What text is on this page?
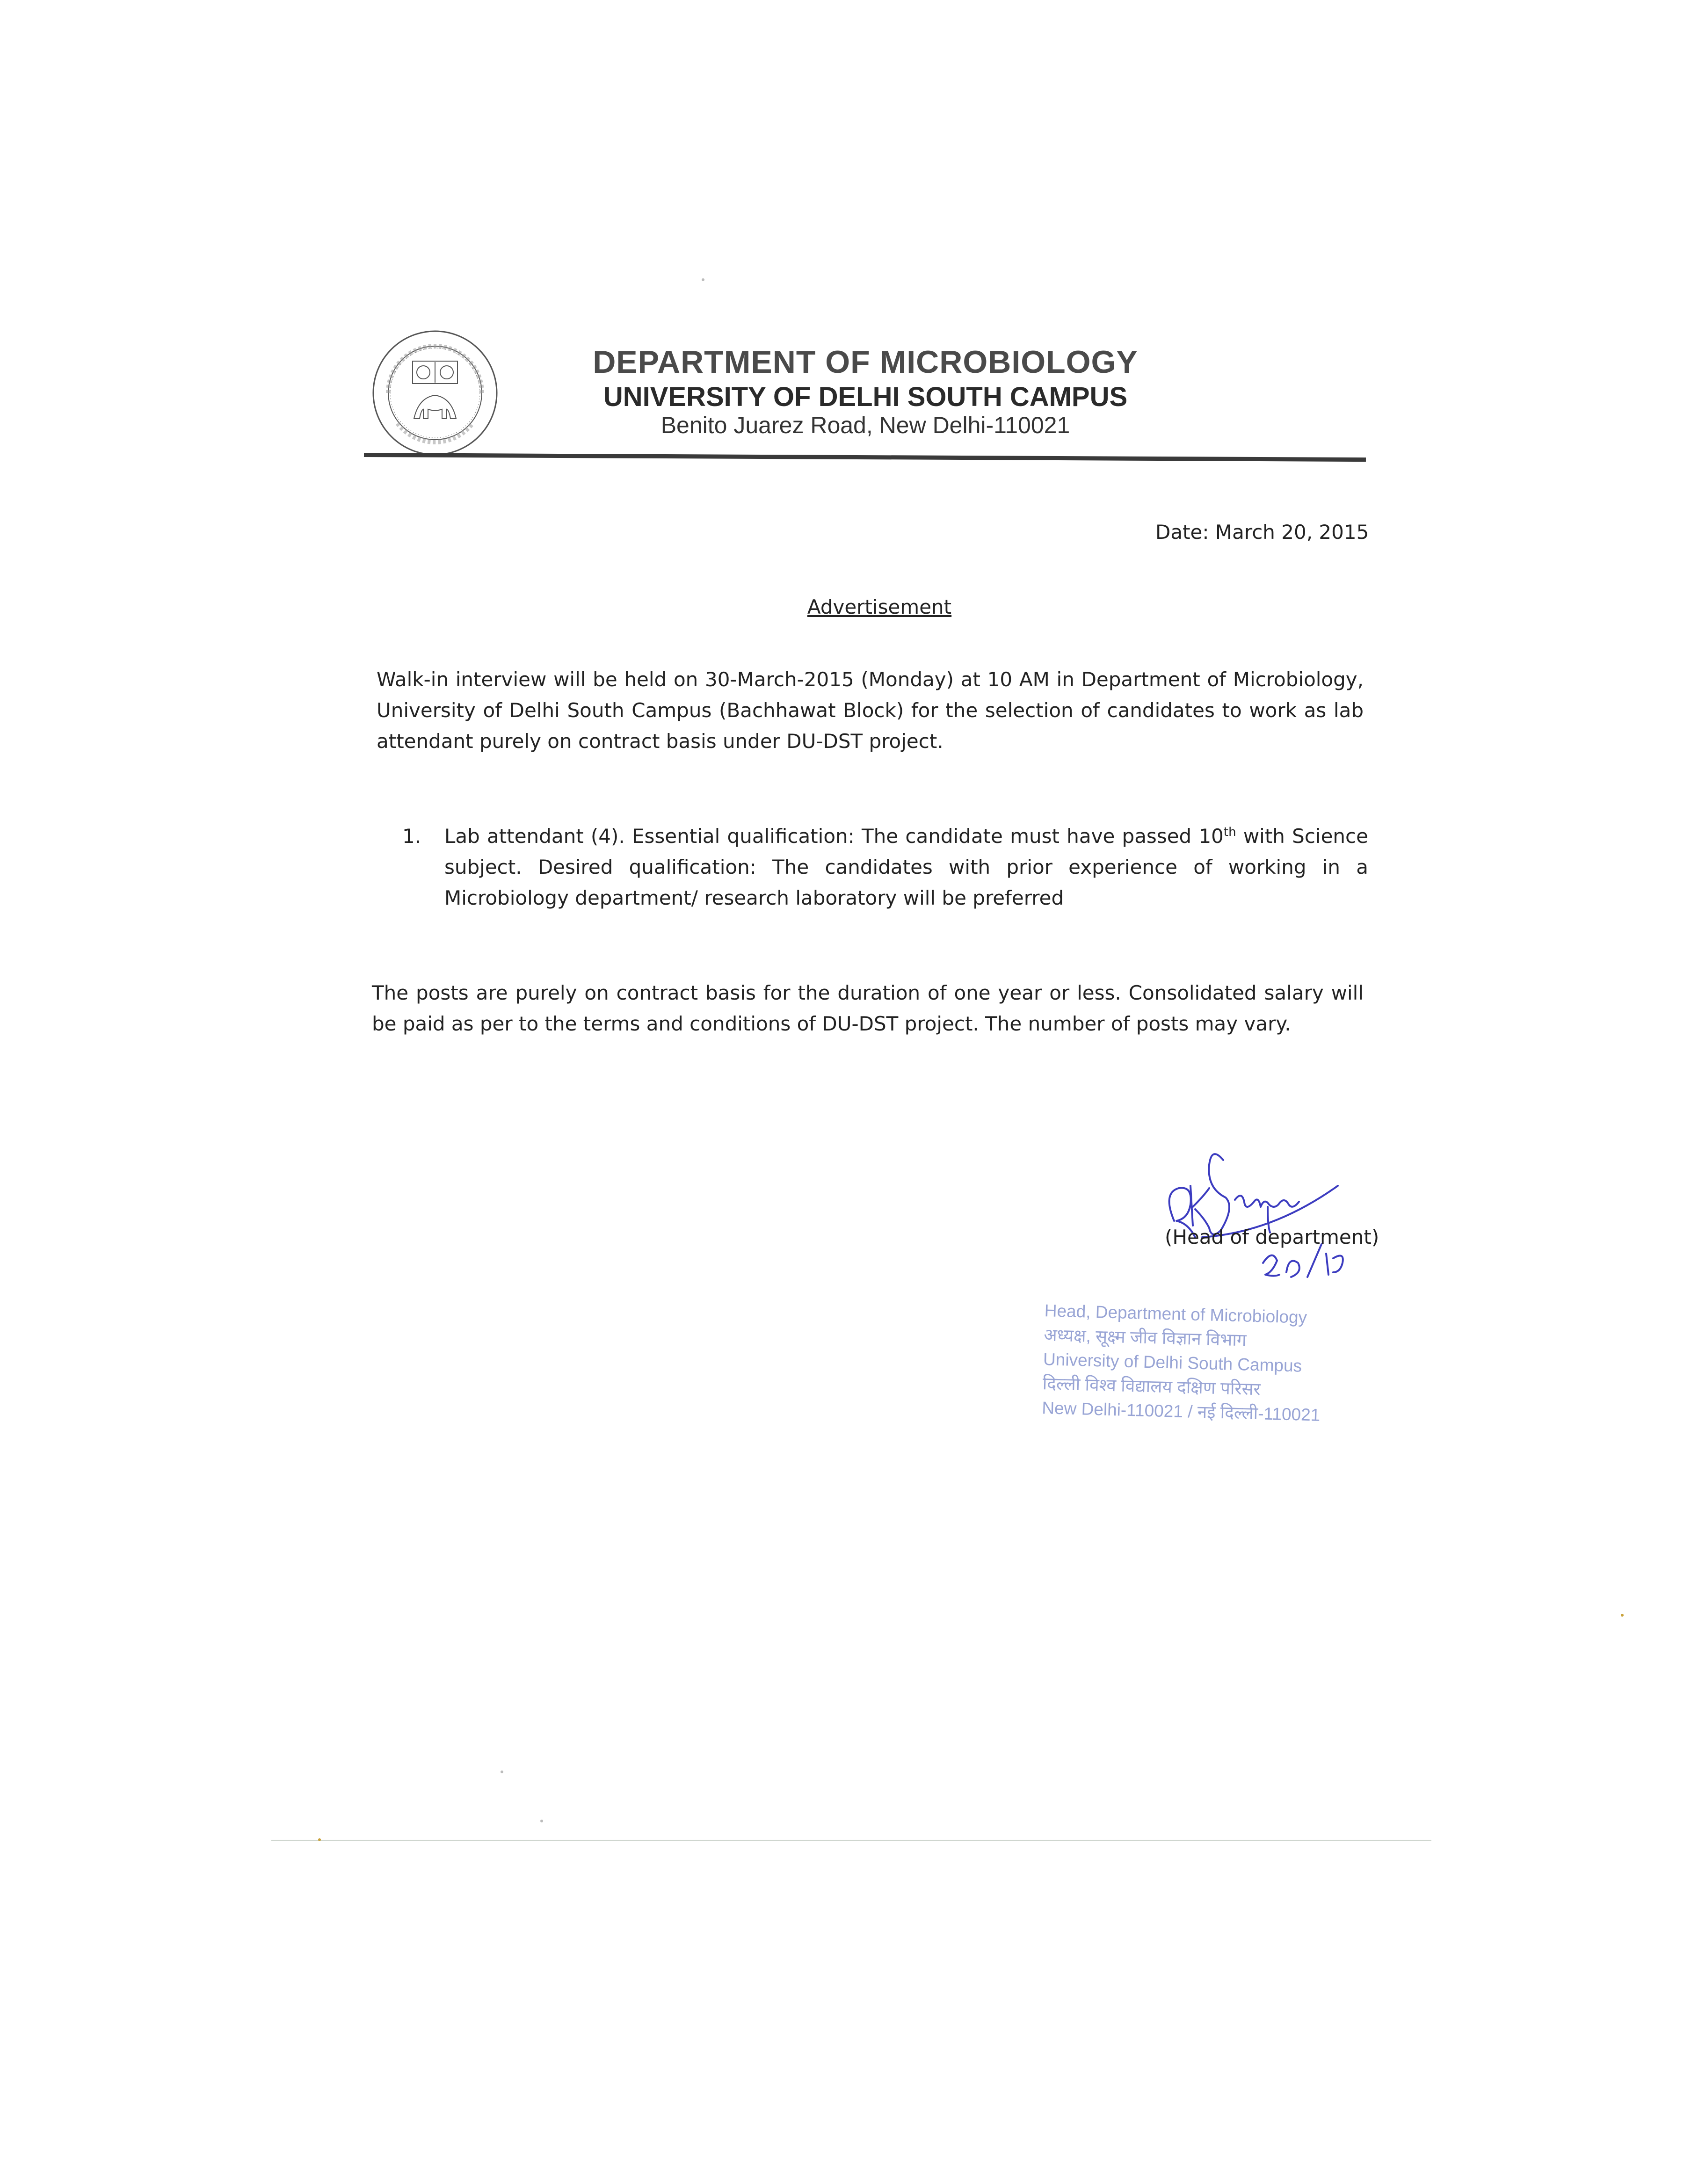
DEPARTMENT OF MICROBIOLOGY
UNIVERSITY OF DELHI SOUTH CAMPUS
Benito Juarez Road, New Delhi-110021
Date: March 20, 2015
Advertisement
Walk-in interview will be held on 30-March-2015 (Monday) at 10 AM in Department of Microbiology, University of Delhi South Campus (Bachhawat Block) for the selection of candidates to work as lab attendant purely on contract basis under DU-DST project.
1. Lab attendant (4). Essential qualification: The candidate must have passed 10th with Science subject. Desired qualification: The candidates with prior experience of working in a Microbiology department/ research laboratory will be preferred
The posts are purely on contract basis for the duration of one year or less. Consolidated salary will be paid as per to the terms and conditions of DU-DST project. The number of posts may vary.
(Head of department)
Head, Department of Microbiology
अध्यक्ष, सूक्ष्म जीव विज्ञान विभाग
University of Delhi South Campus
दिल्ली विश्व विद्यालय दक्षिण परिसर
New Delhi-110021 / नई दिल्ली-110021
